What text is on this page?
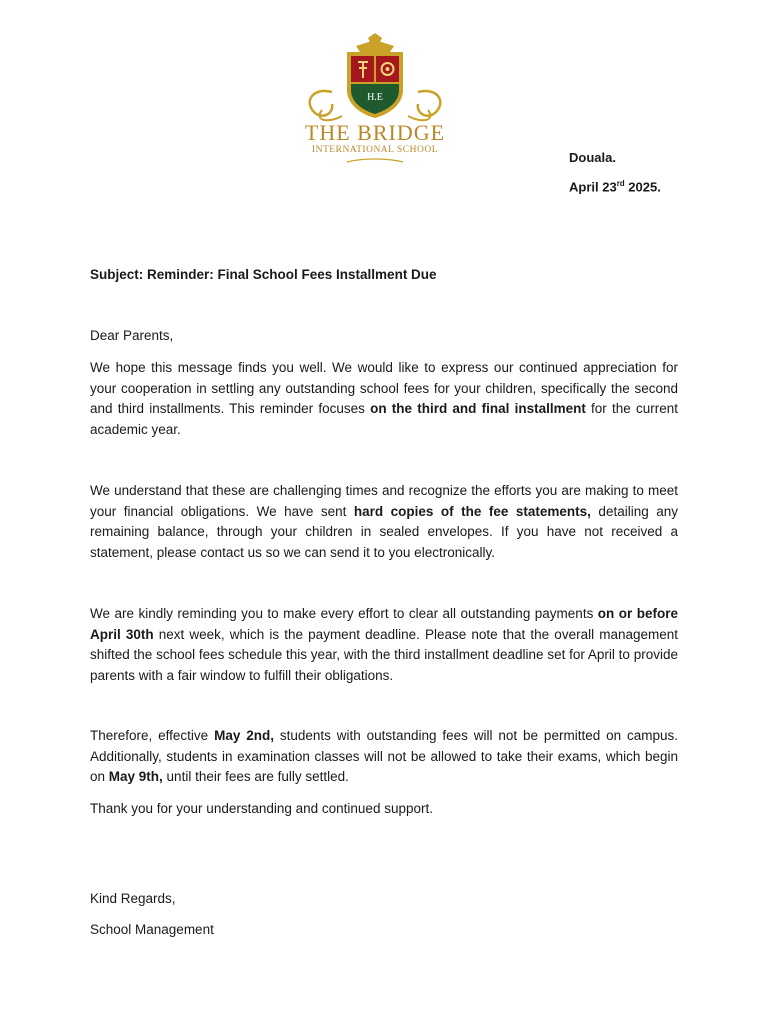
H.E
THE BRIDGE
INTERNATIONAL SCHOOL	Douala.
April 23rd 2025.
Subject: Reminder: Final School Fees Installment Due
Dear Parents,

We hope this message finds you well. We would like to express our continued appreciation for your cooperation in settling any outstanding school fees for your children, specifically the second and third installments. This reminder focuses on the third and final installment for the current academic year.

We understand that these are challenging times and recognize the efforts you are making to meet your financial obligations. We have sent hard copies of the fee statements, detailing any remaining balance, through your children in sealed envelopes. If you have not received a statement, please contact us so we can send it to you electronically.

We are kindly reminding you to make every effort to clear all outstanding payments on or before April 30th next week, which is the payment deadline. Please note that the overall management shifted the school fees schedule this year, with the third installment deadline set for April to provide parents with a fair window to fulfill their obligations.

Therefore, effective May 2nd, students with outstanding fees will not be permitted on campus. Additionally, students in examination classes will not be allowed to take their exams, which begin on May 9th, until their fees are fully settled.

Thank you for your understanding and continued support.

Kind Regards,
School Management
